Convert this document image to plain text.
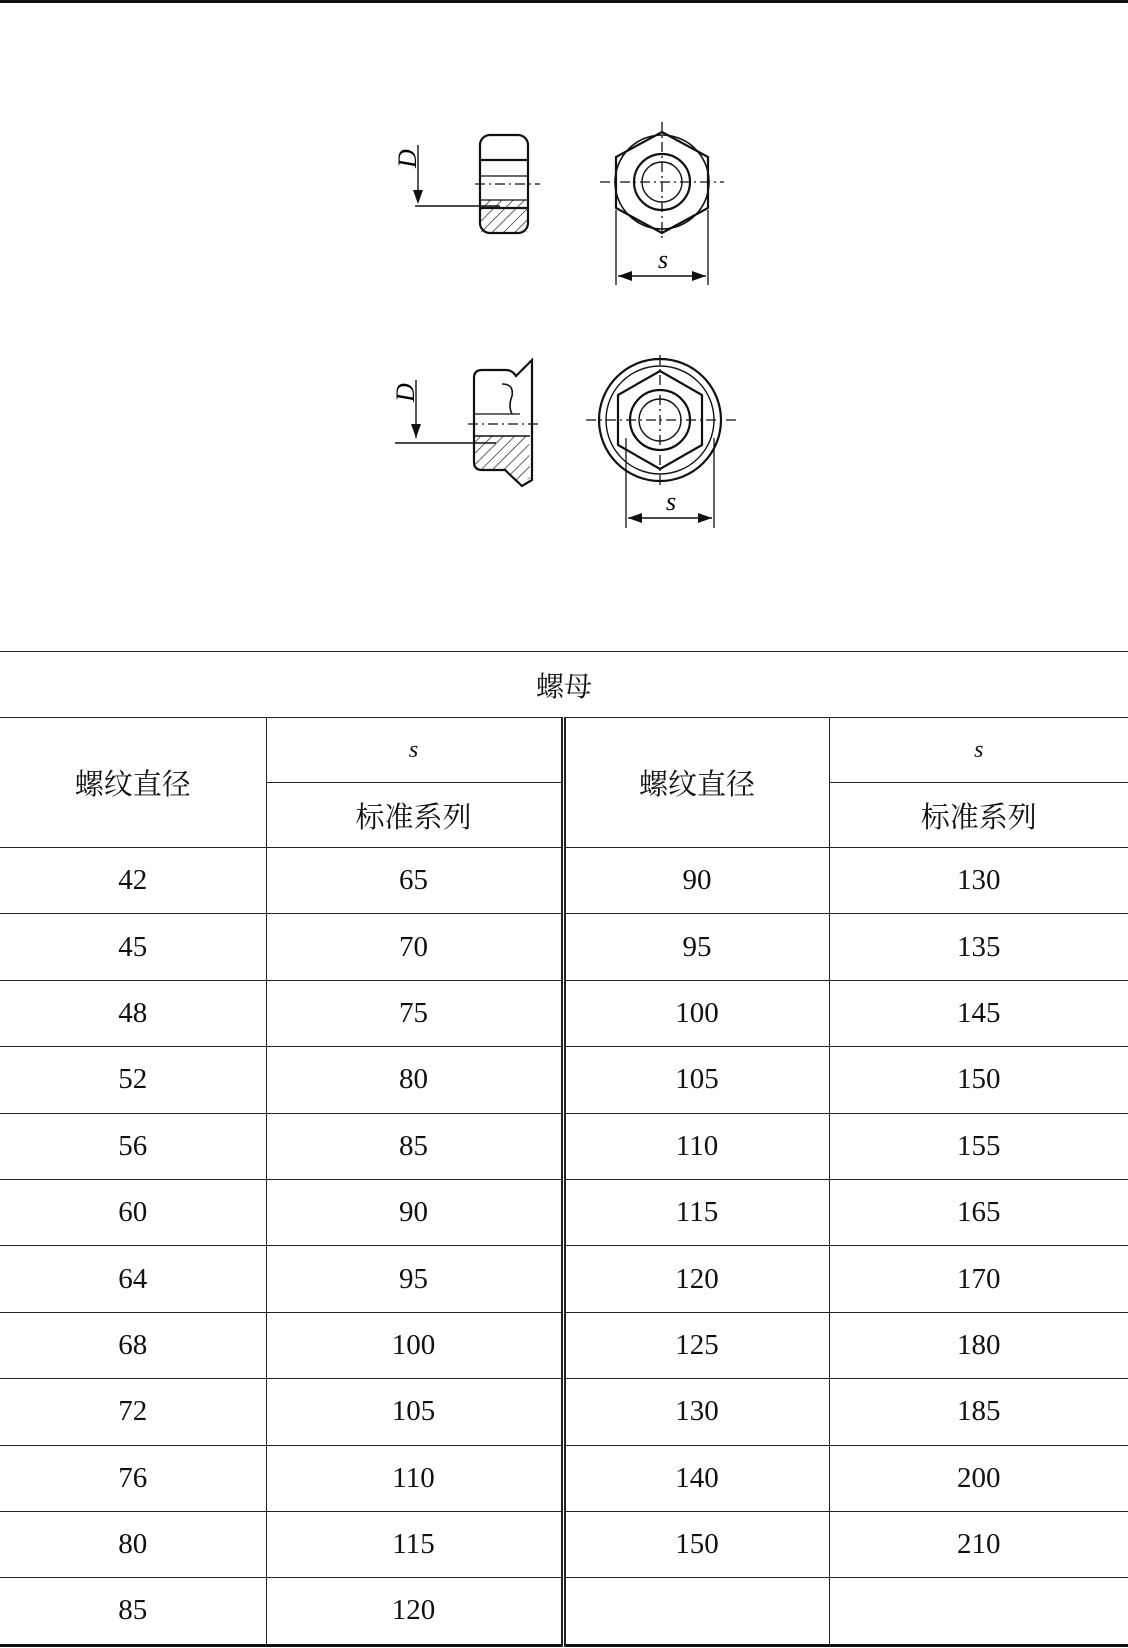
D
s
D
s
螺母			
螺纹直径	s	螺纹直径	s
	标准系列		标准系列
42	65	90	130
45	70	95	135
48	75	100	145
52	80	105	150
56	85	110	155
60	90	115	165
64	95	120	170
68	100	125	180
72	105	130	185
76	110	140	200
80	115	150	210
85	120		
